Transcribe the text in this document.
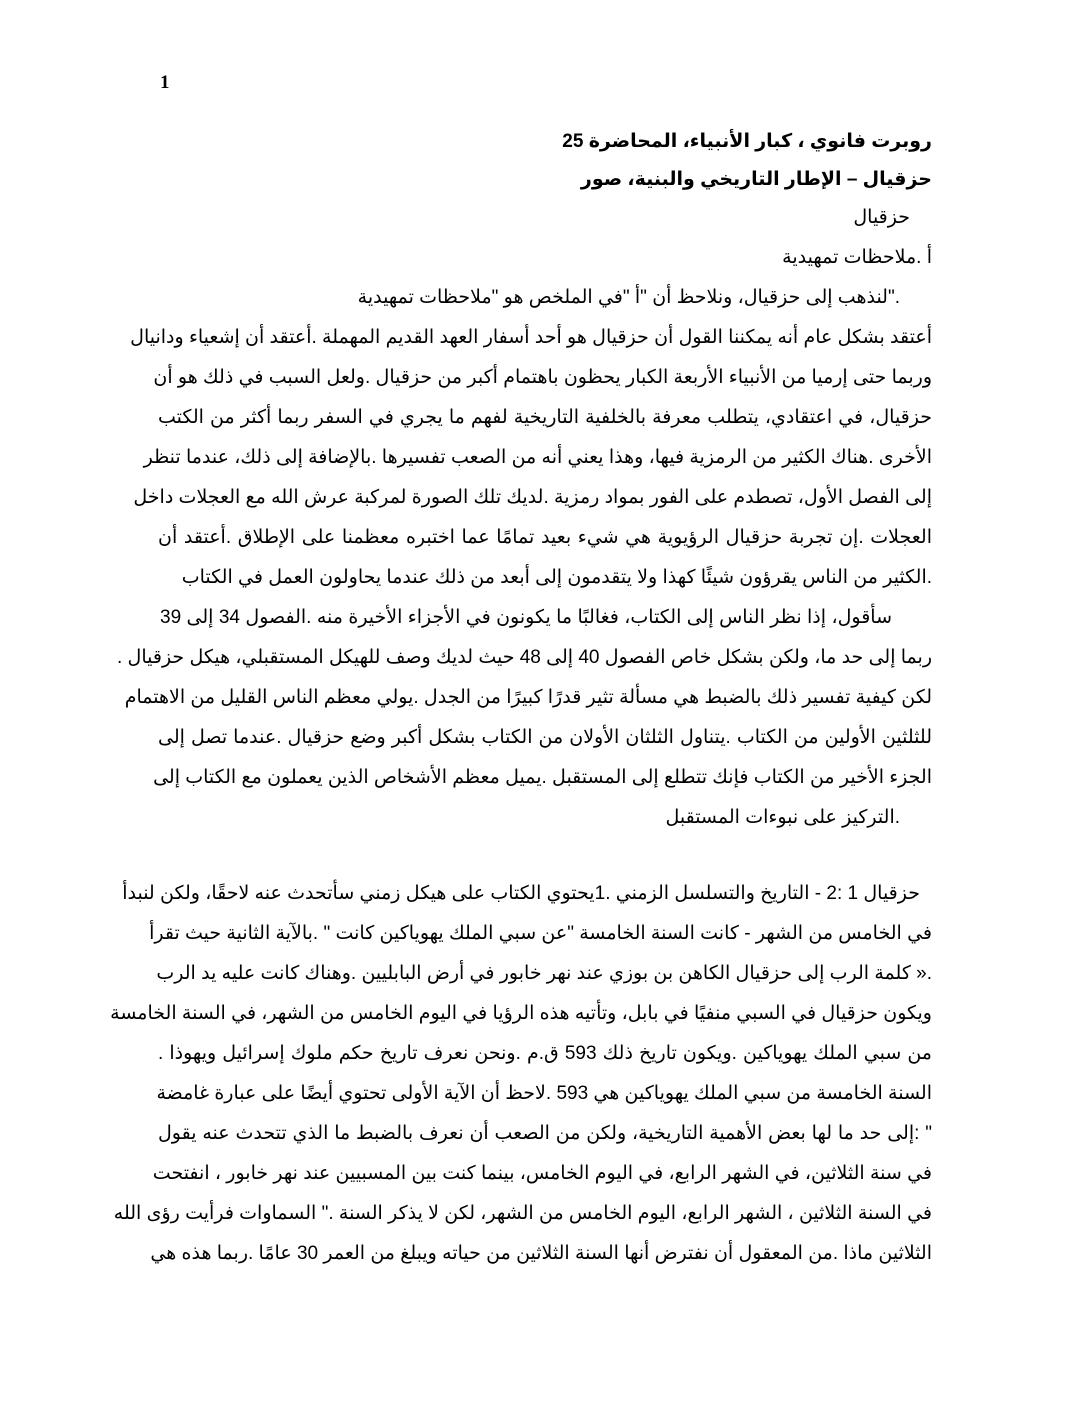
1
روبرت فانوي ، كبار الأنبياء، المحاضرة 25
حزقيال – الإطار التاريخي والبنية، صور
حزقيال
أ .ملاحظات تمهيدية
."لنذهب إلى حزقيال، ونلاحظ أن "أ "في الملخص هو "ملاحظات تمهيدية
أعتقد بشكل عام أنه يمكننا القول أن حزقيال هو أحد أسفار العهد القديم المهملة .أعتقد أن إشعياء ودانيال
وربما حتى إرميا من الأنبياء الأربعة الكبار يحظون باهتمام أكبر من حزقيال .ولعل السبب في ذلك هو أن
حزقيال، في اعتقادي، يتطلب معرفة بالخلفية التاريخية لفهم ما يجري في السفر ربما أكثر من الكتب
الأخرى .هناك الكثير من الرمزية فيها، وهذا يعني أنه من الصعب تفسيرها .بالإضافة إلى ذلك، عندما تنظر
إلى الفصل الأول، تصطدم على الفور بمواد رمزية .لديك تلك الصورة لمركبة عرش الله مع العجلات داخل
العجلات .إن تجربة حزقيال الرؤيوية هي شيء بعيد تمامًا عما اختبره معظمنا على الإطلاق .أعتقد أن
.الكثير من الناس يقرؤون شيئًا كهذا ولا يتقدمون إلى أبعد من ذلك عندما يحاولون العمل في الكتاب
سأقول، إذا نظر الناس إلى الكتاب، فغالبًا ما يكونون في الأجزاء الأخيرة منه .الفصول 34 إلى 39
ربما إلى حد ما، ولكن بشكل خاص الفصول 40 إلى 48 حيث لديك وصف للهيكل المستقبلي، هيكل حزقيال .
لكن كيفية تفسير ذلك بالضبط هي مسألة تثير قدرًا كبيرًا من الجدل .يولي معظم الناس القليل من الاهتمام
للثلثين الأولين من الكتاب .يتناول الثلثان الأولان من الكتاب بشكل أكبر وضع حزقيال .عندما تصل إلى
الجزء الأخير من الكتاب فإنك تتطلع إلى المستقبل .يميل معظم الأشخاص الذين يعملون مع الكتاب إلى
.التركيز على نبوءات المستقبل
حزقيال 1 :2 - التاريخ والتسلسل الزمني .1يحتوي الكتاب على هيكل زمني سأتحدث عنه لاحقًا، ولكن لنبدأ
في الخامس من الشهر - كانت السنة الخامسة "عن سبي الملك يهوياكين كانت " .بالآية الثانية حيث تقرأ
.« كلمة الرب إلى حزقيال الكاهن بن بوزي عند نهر خابور في أرض البابليين .وهناك كانت عليه يد الرب
ويكون حزقيال في السبي منفيًا في بابل، وتأتيه هذه الرؤيا في اليوم الخامس من الشهر، في السنة الخامسة
من سبي الملك يهوياكين .ويكون تاريخ ذلك 593 ق.م .ونحن نعرف تاريخ حكم ملوك إسرائيل ويهوذا .
السنة الخامسة من سبي الملك يهوياكين هي 593 .لاحظ أن الآية الأولى تحتوي أيضًا على عبارة غامضة
" :إلى حد ما لها بعض الأهمية التاريخية، ولكن من الصعب أن نعرف بالضبط ما الذي تتحدث عنه يقول
في سنة الثلاثين، في الشهر الرابع، في اليوم الخامس، بينما كنت بين المسبيين عند نهر خابور ، انفتحت
في السنة الثلاثين ، الشهر الرابع، اليوم الخامس من الشهر، لكن لا يذكر السنة ." السماوات فرأيت رؤى الله
الثلاثين ماذا .من المعقول أن نفترض أنها السنة الثلاثين من حياته ويبلغ من العمر 30 عامًا .ربما هذه هي
